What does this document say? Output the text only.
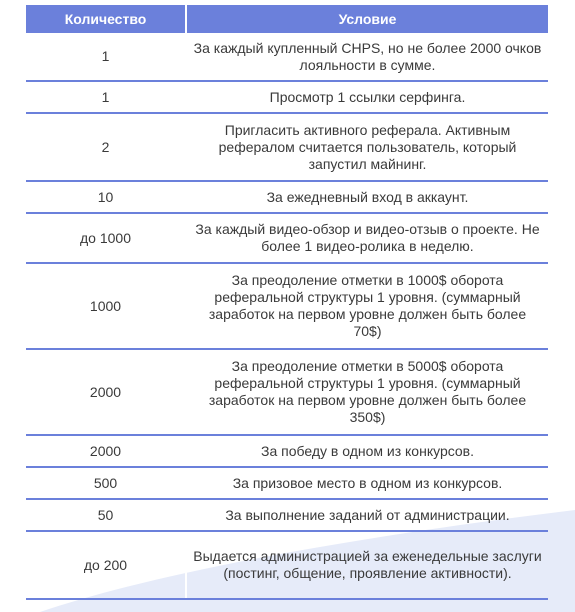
Количество	Условие
1	За каждый купленный CHPS, но не более 2000 очков лояльности в сумме.
1	Просмотр 1 ссылки серфинга.
2	Пригласить активного реферала. Активным рефералом считается пользователь, который запустил майнинг.
10	За ежедневный вход в аккаунт.
до 1000	За каждый видео-обзор и видео-отзыв о проекте. Не более 1 видео-ролика в неделю.
1000	За преодоление отметки в 1000$ оборота реферальной структуры 1 уровня. (суммарный заработок на первом уровне должен быть более 70$)
2000	За преодоление отметки в 5000$ оборота реферальной структуры 1 уровня. (суммарный заработок на первом уровне должен быть более 350$)
2000	За победу в одном из конкурсов.
500	За призовое место в одном из конкурсов.
50	За выполнение заданий от администрации.
до 200	Выдается администрацией за еженедельные заслуги (постинг, общение, проявление активности).
